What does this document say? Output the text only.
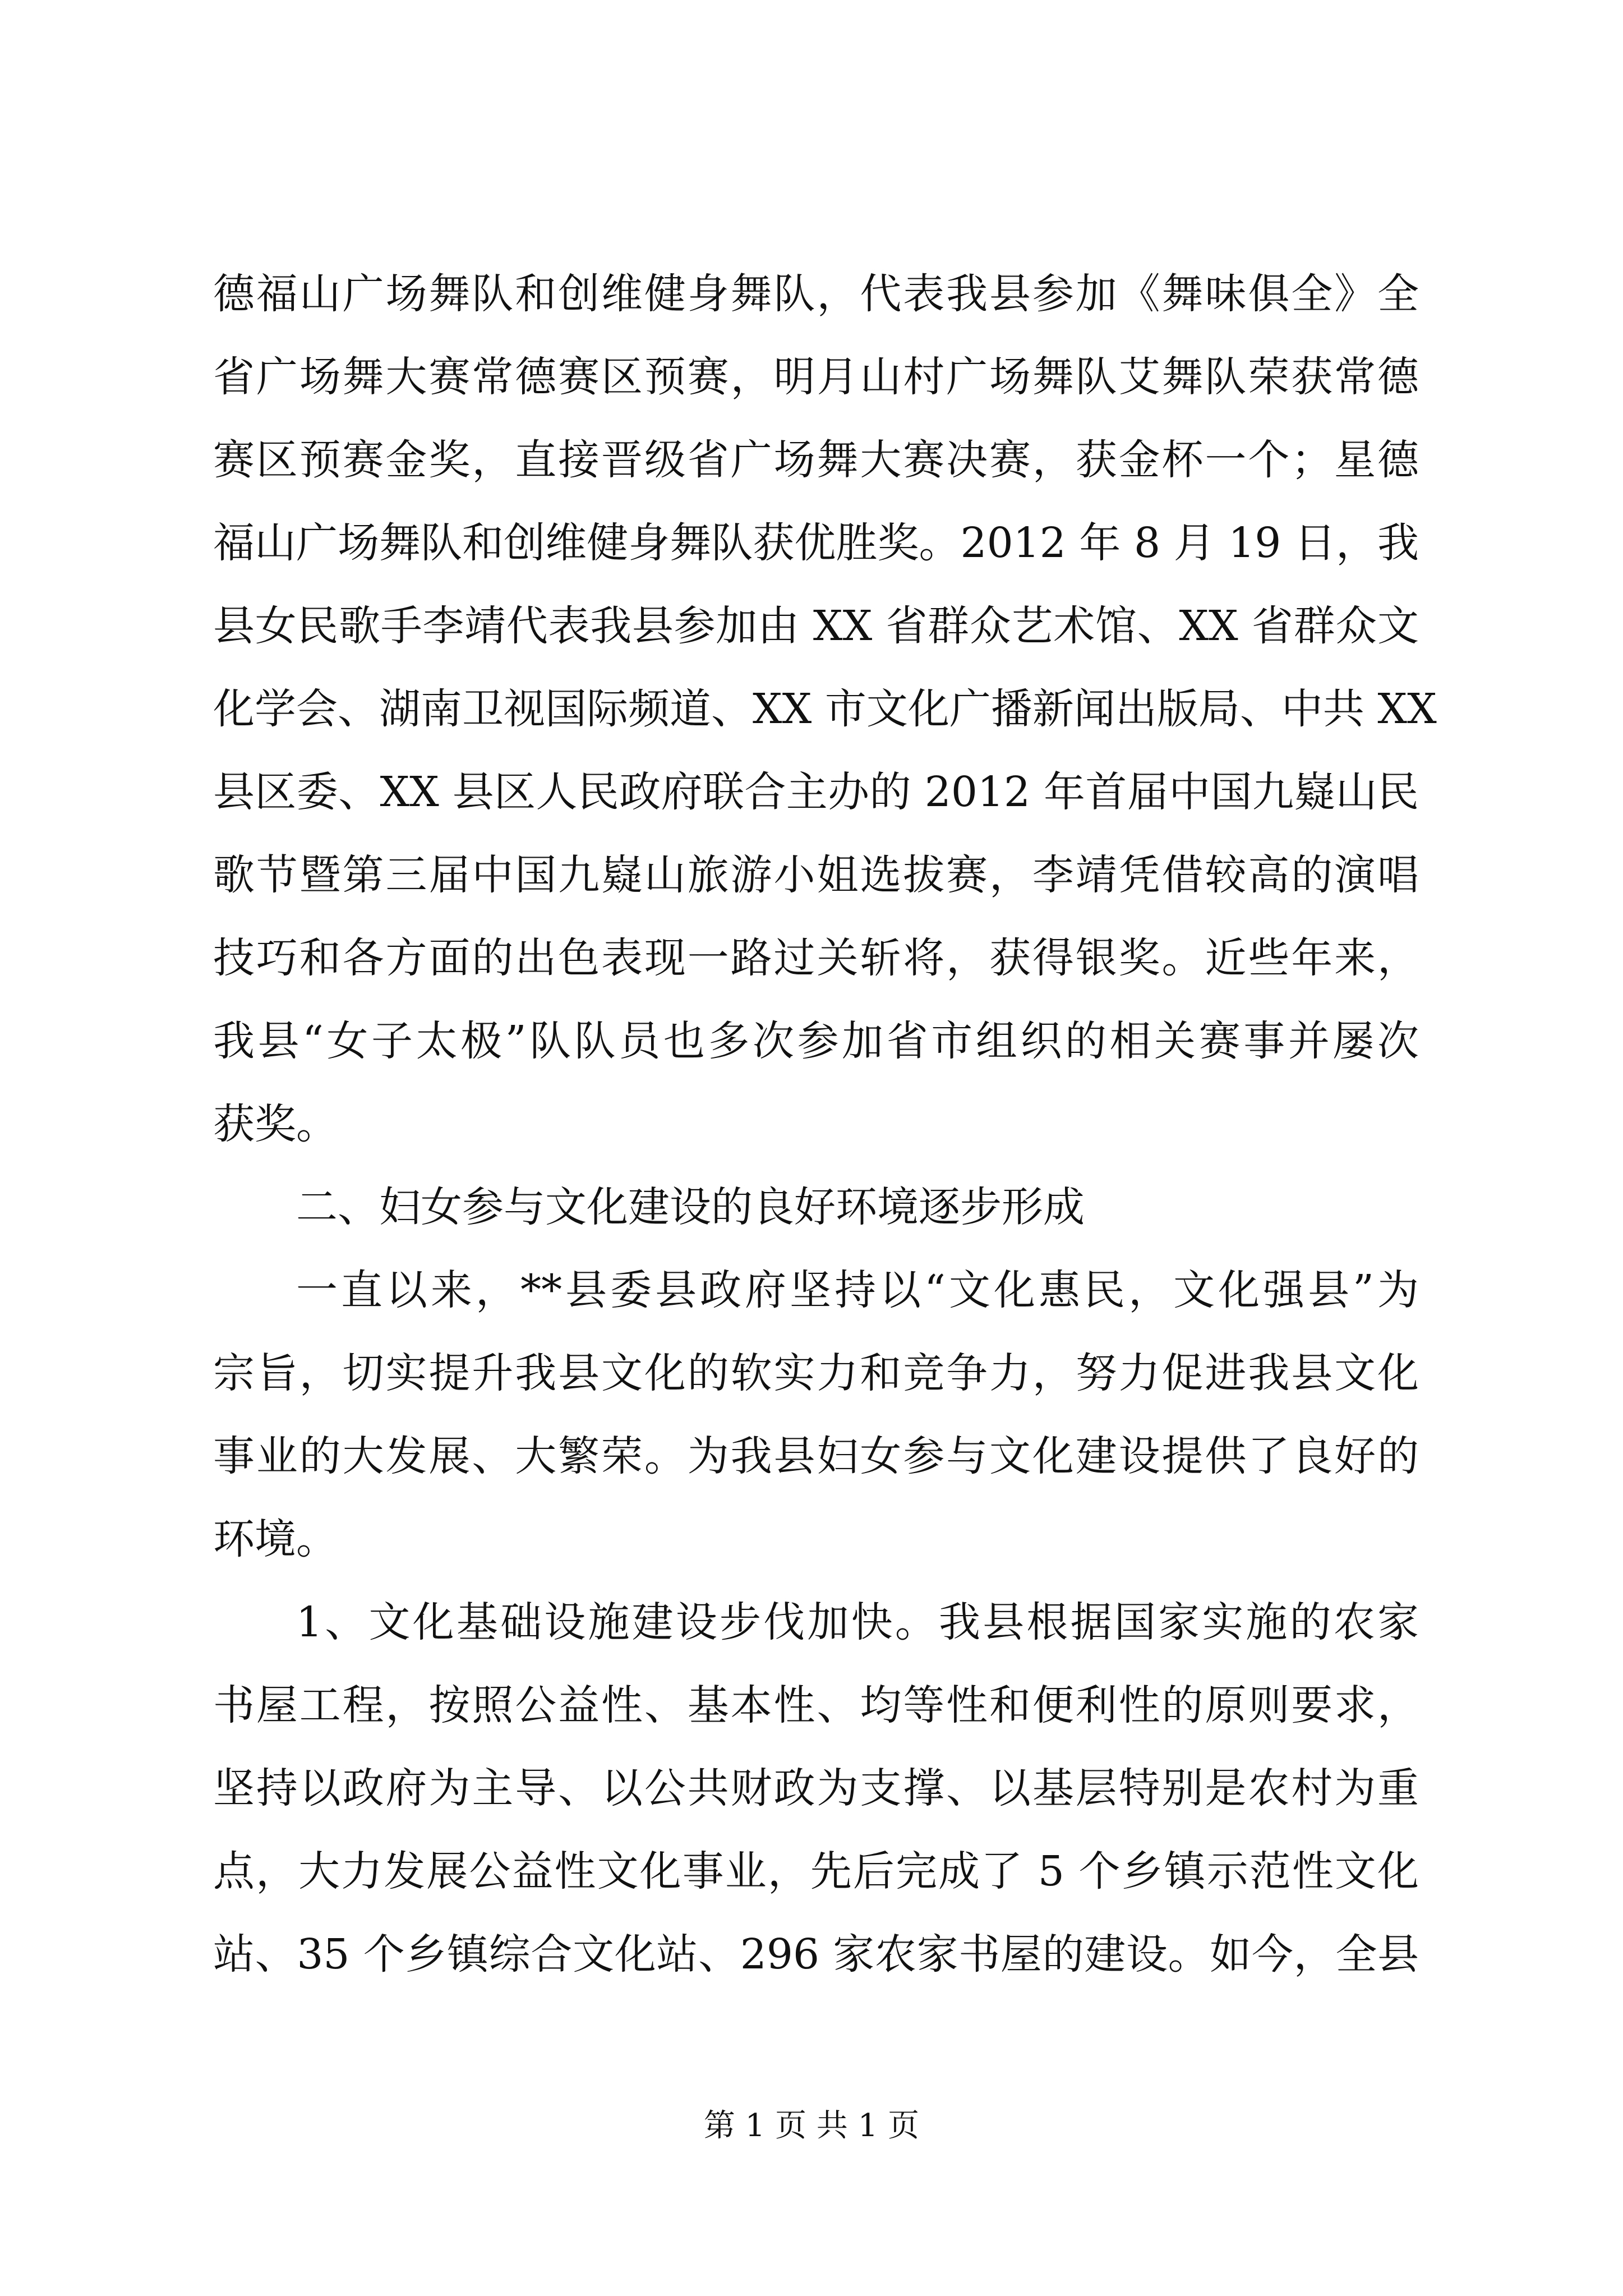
德福山广场舞队和创维健身舞队，代表我县参加《舞味俱全》全
省广场舞大赛常德赛区预赛，明月山村广场舞队艾舞队荣获常德
赛区预赛金奖，直接晋级省广场舞大赛决赛，获金杯一个；星德
福山广场舞队和创维健身舞队获优胜奖。2012 年 8 月 19 日，我
县女民歌手李靖代表我县参加由 XX 省群众艺术馆、XX 省群众文
化学会、湖南卫视国际频道、XX 市文化广播新闻出版局、中共 XX
县区委、XX 县区人民政府联合主办的 2012 年首届中国九嶷山民
歌节暨第三届中国九嶷山旅游小姐选拔赛，李靖凭借较高的演唱
技巧和各方面的出色表现一路过关斩将，获得银奖。近些年来，
我县“女子太极”队队员也多次参加省市组织的相关赛事并屡次
获奖。
二、妇女参与文化建设的良好环境逐步形成
一直以来，**县委县政府坚持以“文化惠民，文化强县”为
宗旨，切实提升我县文化的软实力和竞争力，努力促进我县文化
事业的大发展、大繁荣。为我县妇女参与文化建设提供了良好的
环境。
1、文化基础设施建设步伐加快。我县根据国家实施的农家
书屋工程，按照公益性、基本性、均等性和便利性的原则要求，
坚持以政府为主导、以公共财政为支撑、以基层特别是农村为重
点，大力发展公益性文化事业，先后完成了 5 个乡镇示范性文化
站、35 个乡镇综合文化站、296 家农家书屋的建设。如今，全县
第 1 页 共 1 页
